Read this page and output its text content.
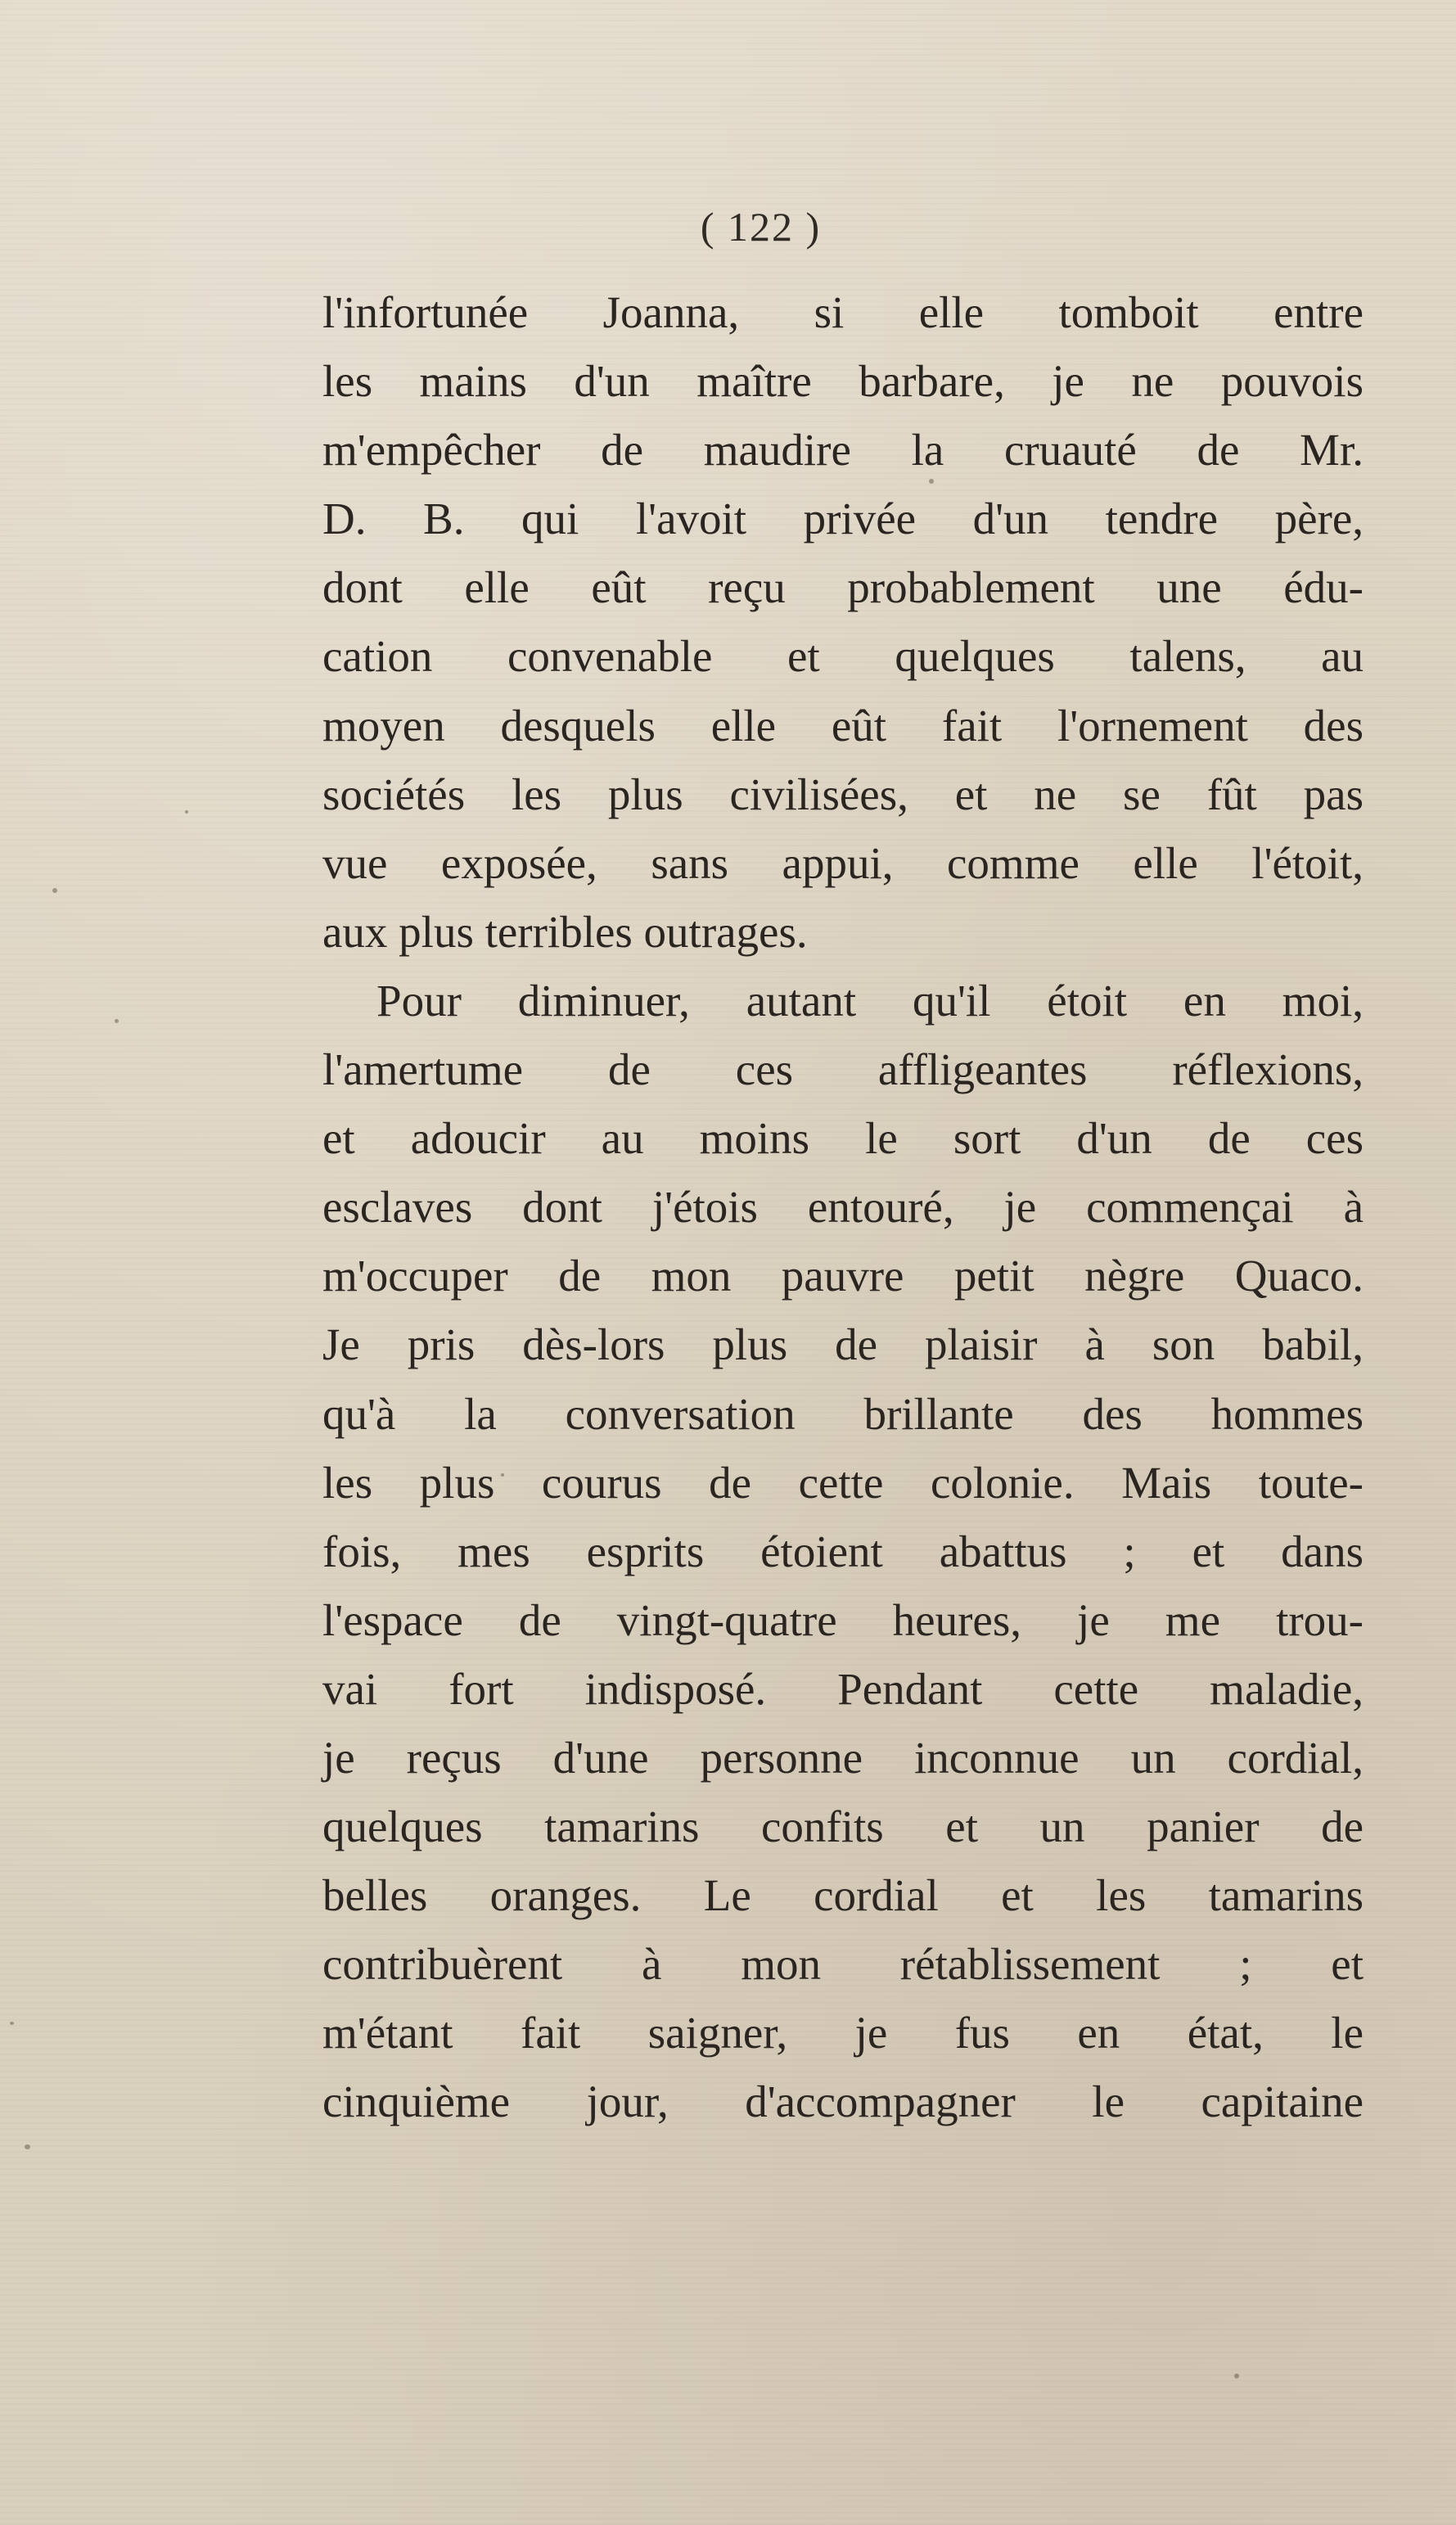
( 122 )
l'infortunée Joanna, si elle tomboit entre
les mains d'un maître barbare, je ne pouvois
m'empêcher de maudire la cruauté de Mr.
D. B. qui l'avoit privée d'un tendre père,
dont elle eût reçu probablement une édu-
cation convenable et quelques talens, au
moyen desquels elle eût fait l'ornement des
sociétés les plus civilisées, et ne se fût pas
vue exposée, sans appui, comme elle l'étoit,
aux plus terribles outrages.
Pour diminuer, autant qu'il étoit en moi,
l'amertume de ces affligeantes réflexions,
et adoucir au moins le sort d'un de ces
esclaves dont j'étois entouré, je commençai à
m'occuper de mon pauvre petit nègre Quaco.
Je pris dès-lors plus de plaisir à son babil,
qu'à la conversation brillante des hommes
les plus courus de cette colonie. Mais toute-
fois, mes esprits étoient abattus ; et dans
l'espace de vingt-quatre heures, je me trou-
vai fort indisposé. Pendant cette maladie,
je reçus d'une personne inconnue un cordial,
quelques tamarins confits et un panier de
belles oranges. Le cordial et les tamarins
contribuèrent à mon rétablissement ; et
m'étant fait saigner, je fus en état, le
cinquième jour, d'accompagner le capitaine
